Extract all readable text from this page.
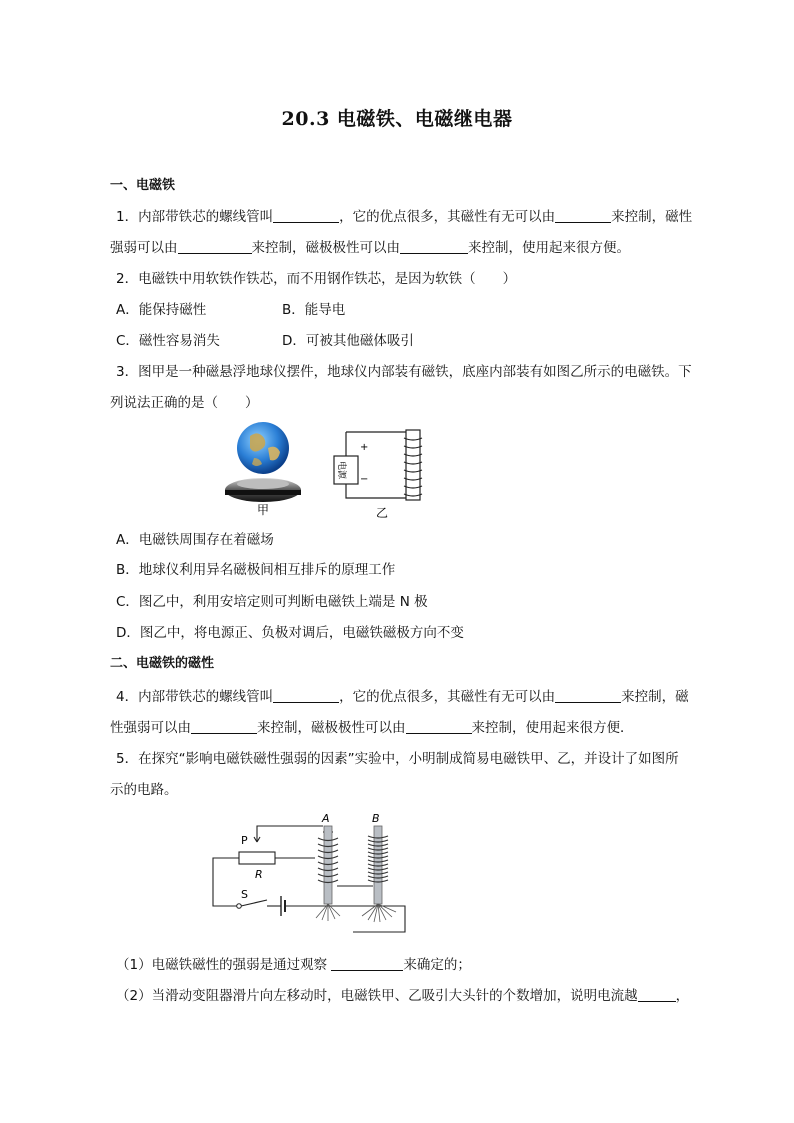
20.3 电磁铁、电磁继电器
一、电磁铁
1．内部带铁芯的螺线管叫	，它的优点很多，其磁性有无可以由	来控制，磁性
强弱可以由	来控制，磁极极性可以由	来控制，使用起来很方便。
2．电磁铁中用软铁作铁芯，而不用钢作铁芯，是因为软铁（　　）
A．能保持磁性	B．能导电
C．磁性容易消失	D．可被其他磁体吸引
3．图甲是一种磁悬浮地球仪摆件，地球仪内部装有磁铁，底座内部装有如图乙所示的电磁铁。下
列说法正确的是（　　）
甲
电源
+
−
乙
A．电磁铁周围存在着磁场
B．地球仪利用异名磁极间相互排斥的原理工作
C．图乙中，利用安培定则可判断电磁铁上端是 N 极
D．图乙中，将电源正、负极对调后，电磁铁磁极方向不变
二、电磁铁的磁性
4．内部带铁芯的螺线管叫	，它的优点很多，其磁性有无可以由	来控制，磁
性强弱可以由	来控制，磁极极性可以由	来控制，使用起来很方便．
5．在探究“影响电磁铁磁性强弱的因素”实验中，小明制成简易电磁铁甲、乙，并设计了如图所
示的电路。
P
R
S
A	B
（1）电磁铁磁性的强弱是通过观察	来确定的；
（2）当滑动变阻器滑片向左移动时，电磁铁甲、乙吸引大头针的个数增加，说明电流越	，
